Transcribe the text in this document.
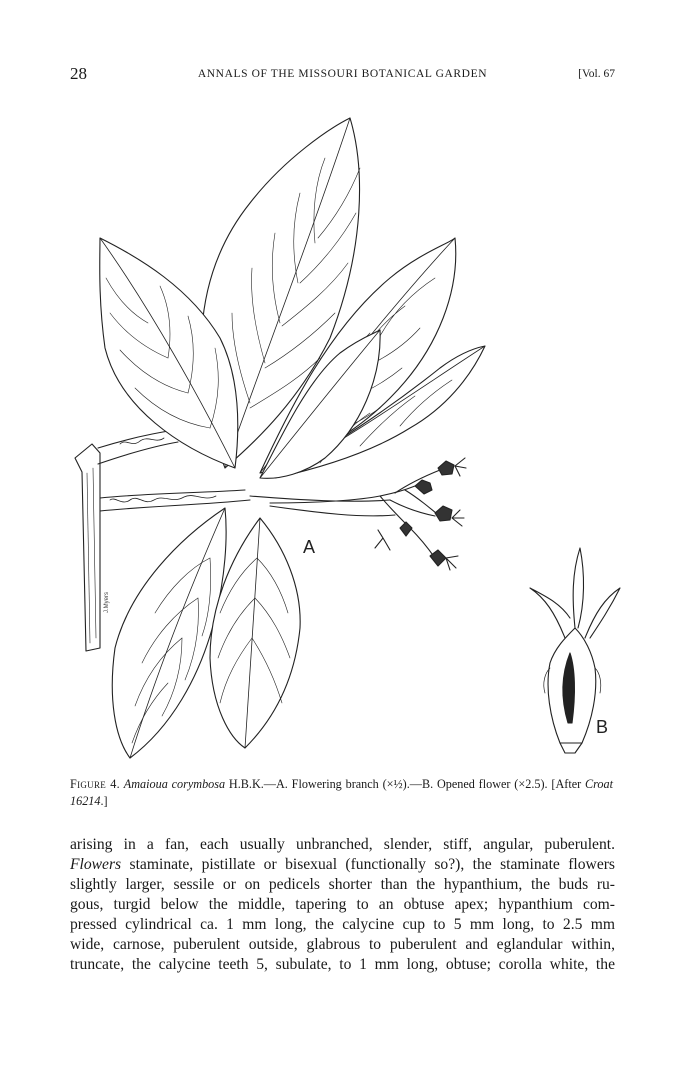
28	ANNALS OF THE MISSOURI BOTANICAL GARDEN	[Vol. 67
A
B
J.Myers
Figure 4. Amaioua corymbosa H.B.K.—A. Flowering branch (×½).—B. Opened flower (×2.5). [After Croat 16214.]
arising in a fan, each usually unbranched, slender, stiff, angular, puberulent.
Flowers staminate, pistillate or bisexual (functionally so?), the staminate flowers
slightly larger, sessile or on pedicels shorter than the hypanthium, the buds ru-
gous, turgid below the middle, tapering to an obtuse apex; hypanthium com-
pressed cylindrical ca. 1 mm long, the calycine cup to 5 mm long, to 2.5 mm
wide, carnose, puberulent outside, glabrous to puberulent and eglandular within,
truncate, the calycine teeth 5, subulate, to 1 mm long, obtuse; corolla white, the
